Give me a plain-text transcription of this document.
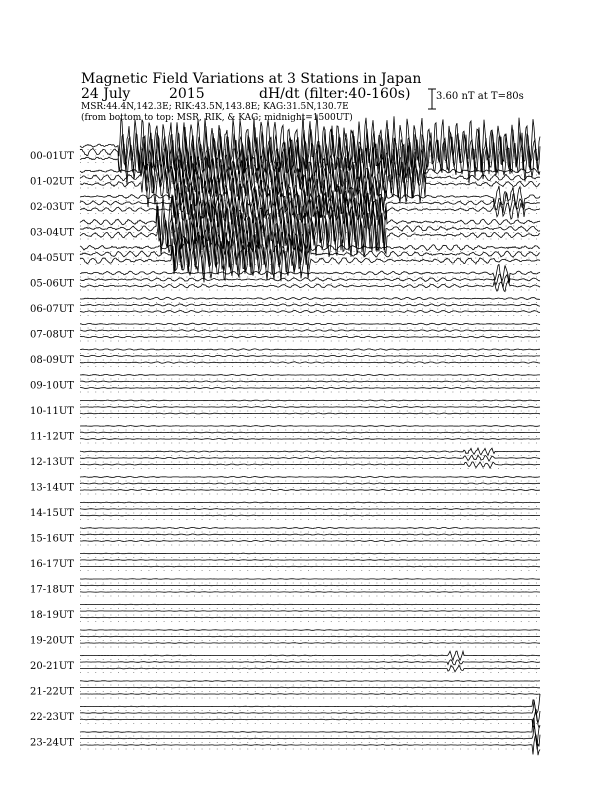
Magnetic Field Variations at 3 Stations in Japan
24 July	2015	dH/dt (filter:40-160s)
MSR:44.4N,142.3E; RIK:43.5N,143.8E; KAG:31.5N,130.7E
(from bottom to top: MSR, RIK, & KAG; midnight=1500UT)
3.60 nT at T=80s
00-01UT
01-02UT
02-03UT
03-04UT
04-05UT
05-06UT
06-07UT
07-08UT
08-09UT
09-10UT
10-11UT
11-12UT
12-13UT
13-14UT
14-15UT
15-16UT
16-17UT
17-18UT
18-19UT
19-20UT
20-21UT
21-22UT
22-23UT
23-24UT
